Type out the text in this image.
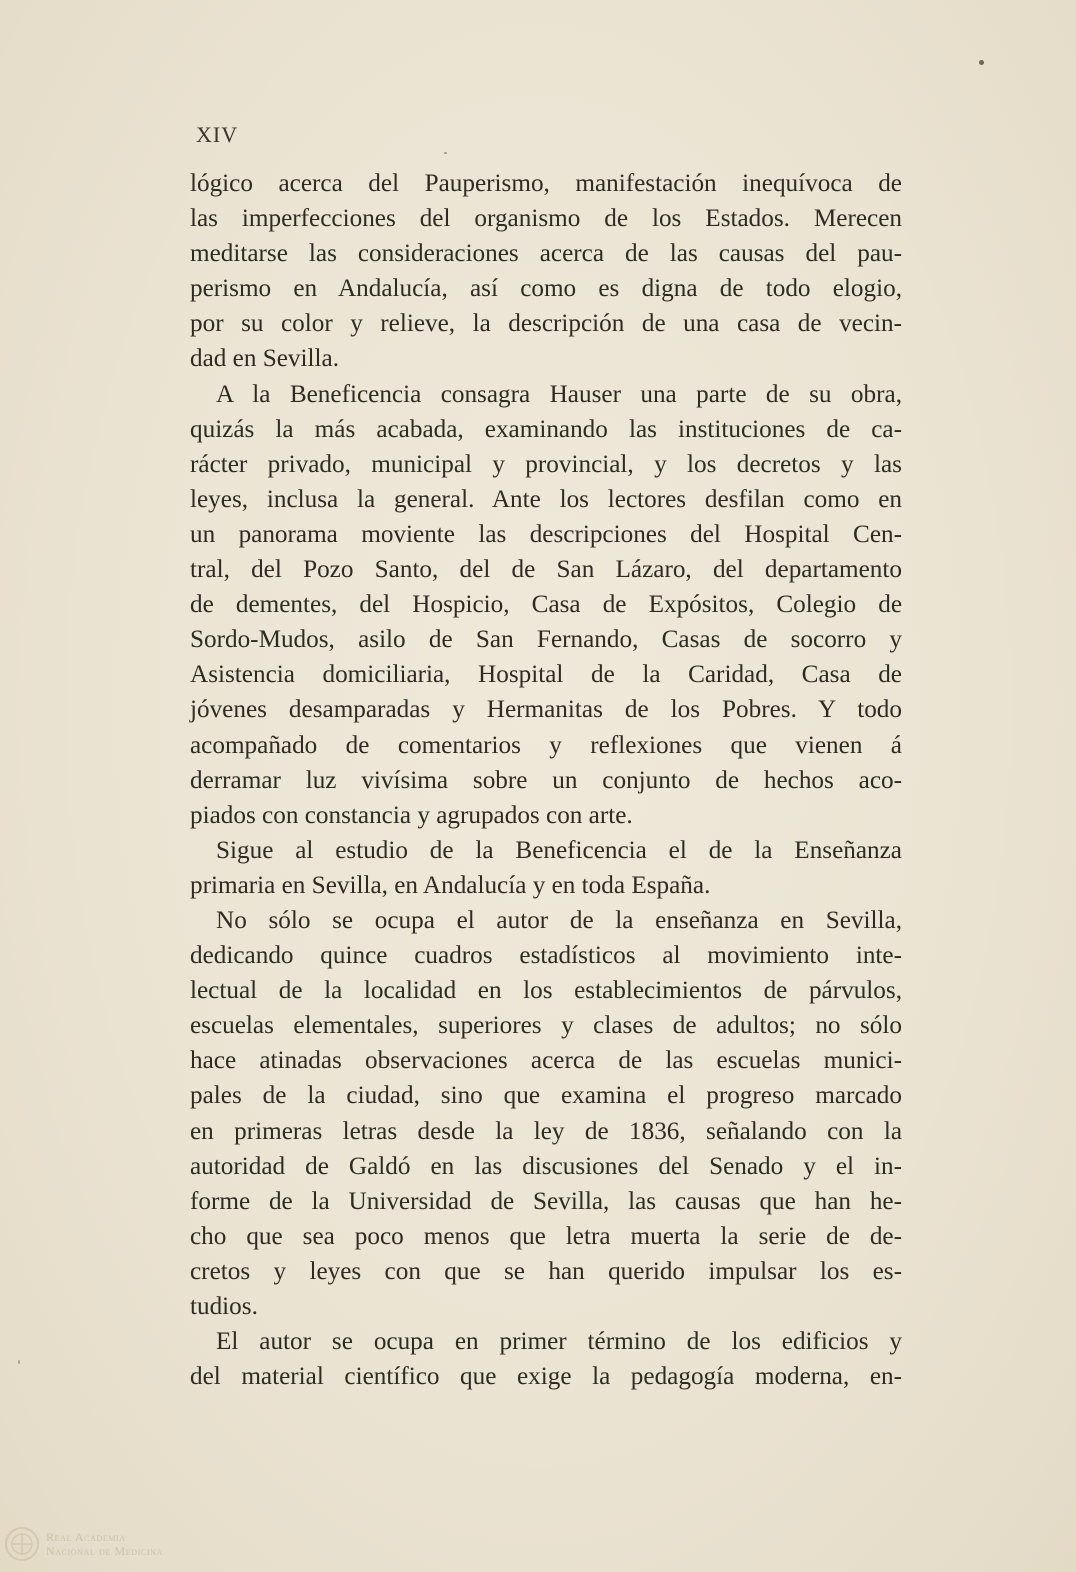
XIV
lógico acerca del Pauperismo, manifestación inequívoca de
las imperfecciones del organismo de los Estados. Merecen
meditarse las consideraciones acerca de las causas del pau-
perismo en Andalucía, así como es digna de todo elogio,
por su color y relieve, la descripción de una casa de vecin-
dad en Sevilla.
A la Beneficencia consagra Hauser una parte de su obra,
quizás la más acabada, examinando las instituciones de ca-
rácter privado, municipal y provincial, y los decretos y las
leyes, inclusa la general. Ante los lectores desfilan como en
un panorama moviente las descripciones del Hospital Cen-
tral, del Pozo Santo, del de San Lázaro, del departamento
de dementes, del Hospicio, Casa de Expósitos, Colegio de
Sordo-Mudos, asilo de San Fernando, Casas de socorro y
Asistencia domiciliaria, Hospital de la Caridad, Casa de
jóvenes desamparadas y Hermanitas de los Pobres. Y todo
acompañado de comentarios y reflexiones que vienen á
derramar luz vivísima sobre un conjunto de hechos aco-
piados con constancia y agrupados con arte.
Sigue al estudio de la Beneficencia el de la Enseñanza
primaria en Sevilla, en Andalucía y en toda España.
No sólo se ocupa el autor de la enseñanza en Sevilla,
dedicando quince cuadros estadísticos al movimiento inte-
lectual de la localidad en los establecimientos de párvulos,
escuelas elementales, superiores y clases de adultos; no sólo
hace atinadas observaciones acerca de las escuelas munici-
pales de la ciudad, sino que examina el progreso marcado
en primeras letras desde la ley de 1836, señalando con la
autoridad de Galdó en las discusiones del Senado y el in-
forme de la Universidad de Sevilla, las causas que han he-
cho que sea poco menos que letra muerta la serie de de-
cretos y leyes con que se han querido impulsar los es-
tudios.
El autor se ocupa en primer término de los edificios y
del material científico que exige la pedagogía moderna, en-
Real Academia
Nacional de Medicina
